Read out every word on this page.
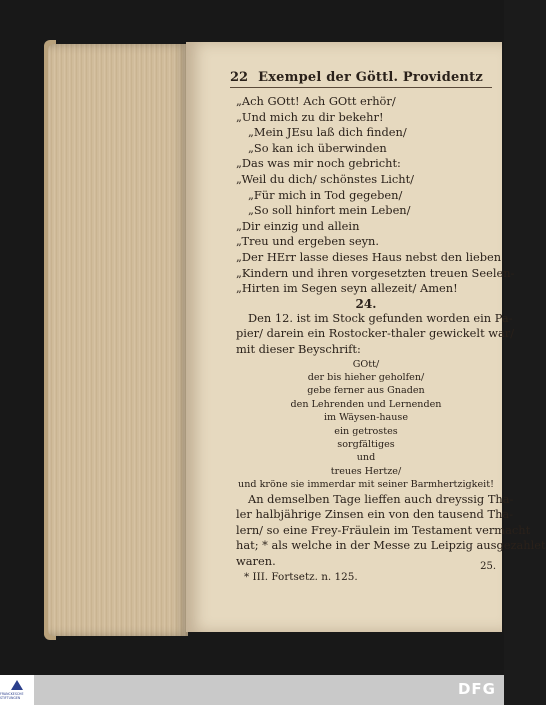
22 Exempel der Göttl. Providentz
„Ach GOtt! Ach GOtt erhör/
„Und mich zu dir bekehr!
„Mein JEsu laß dich finden/
„So kan ich überwinden
„Das was mir noch gebricht:
„Weil du dich/ schönstes Licht/
„Für mich in Tod gegeben/
„So soll hinfort mein Leben/
„Dir einzig und allein
„Treu und ergeben seyn.
„Der HErr lasse dieses Haus nebst den lieben
„Kindern und ihren vorgesetzten treuen Seelen-
„Hirten im Segen seyn allezeit/ Amen!
24.
Den 12. ist im Stock gefunden worden ein Pa-
pier/ darein ein Rostocker-thaler gewickelt war/
mit dieser Beyschrift:
GOtt/
der bis hieher geholfen/
gebe ferner aus Gnaden
den Lehrenden und Lernenden
im Wäysen-hause
ein getrostes
sorgfältiges
und
treues Hertze/
und kröne sie immerdar mit seiner Barmhertzigkeit!
An demselben Tage lieffen auch dreyssig Tha-
ler halbjährige Zinsen ein von den tausend Tha-
lern/ so eine Frey-Fräulein im Testament vermacht
hat; * als welche in der Messe zu Leipzig ausgezahlet
waren.
* III. Fortsetz. n. 125.
25.
FRANCKESCHE STIFTUNGEN	DFG
